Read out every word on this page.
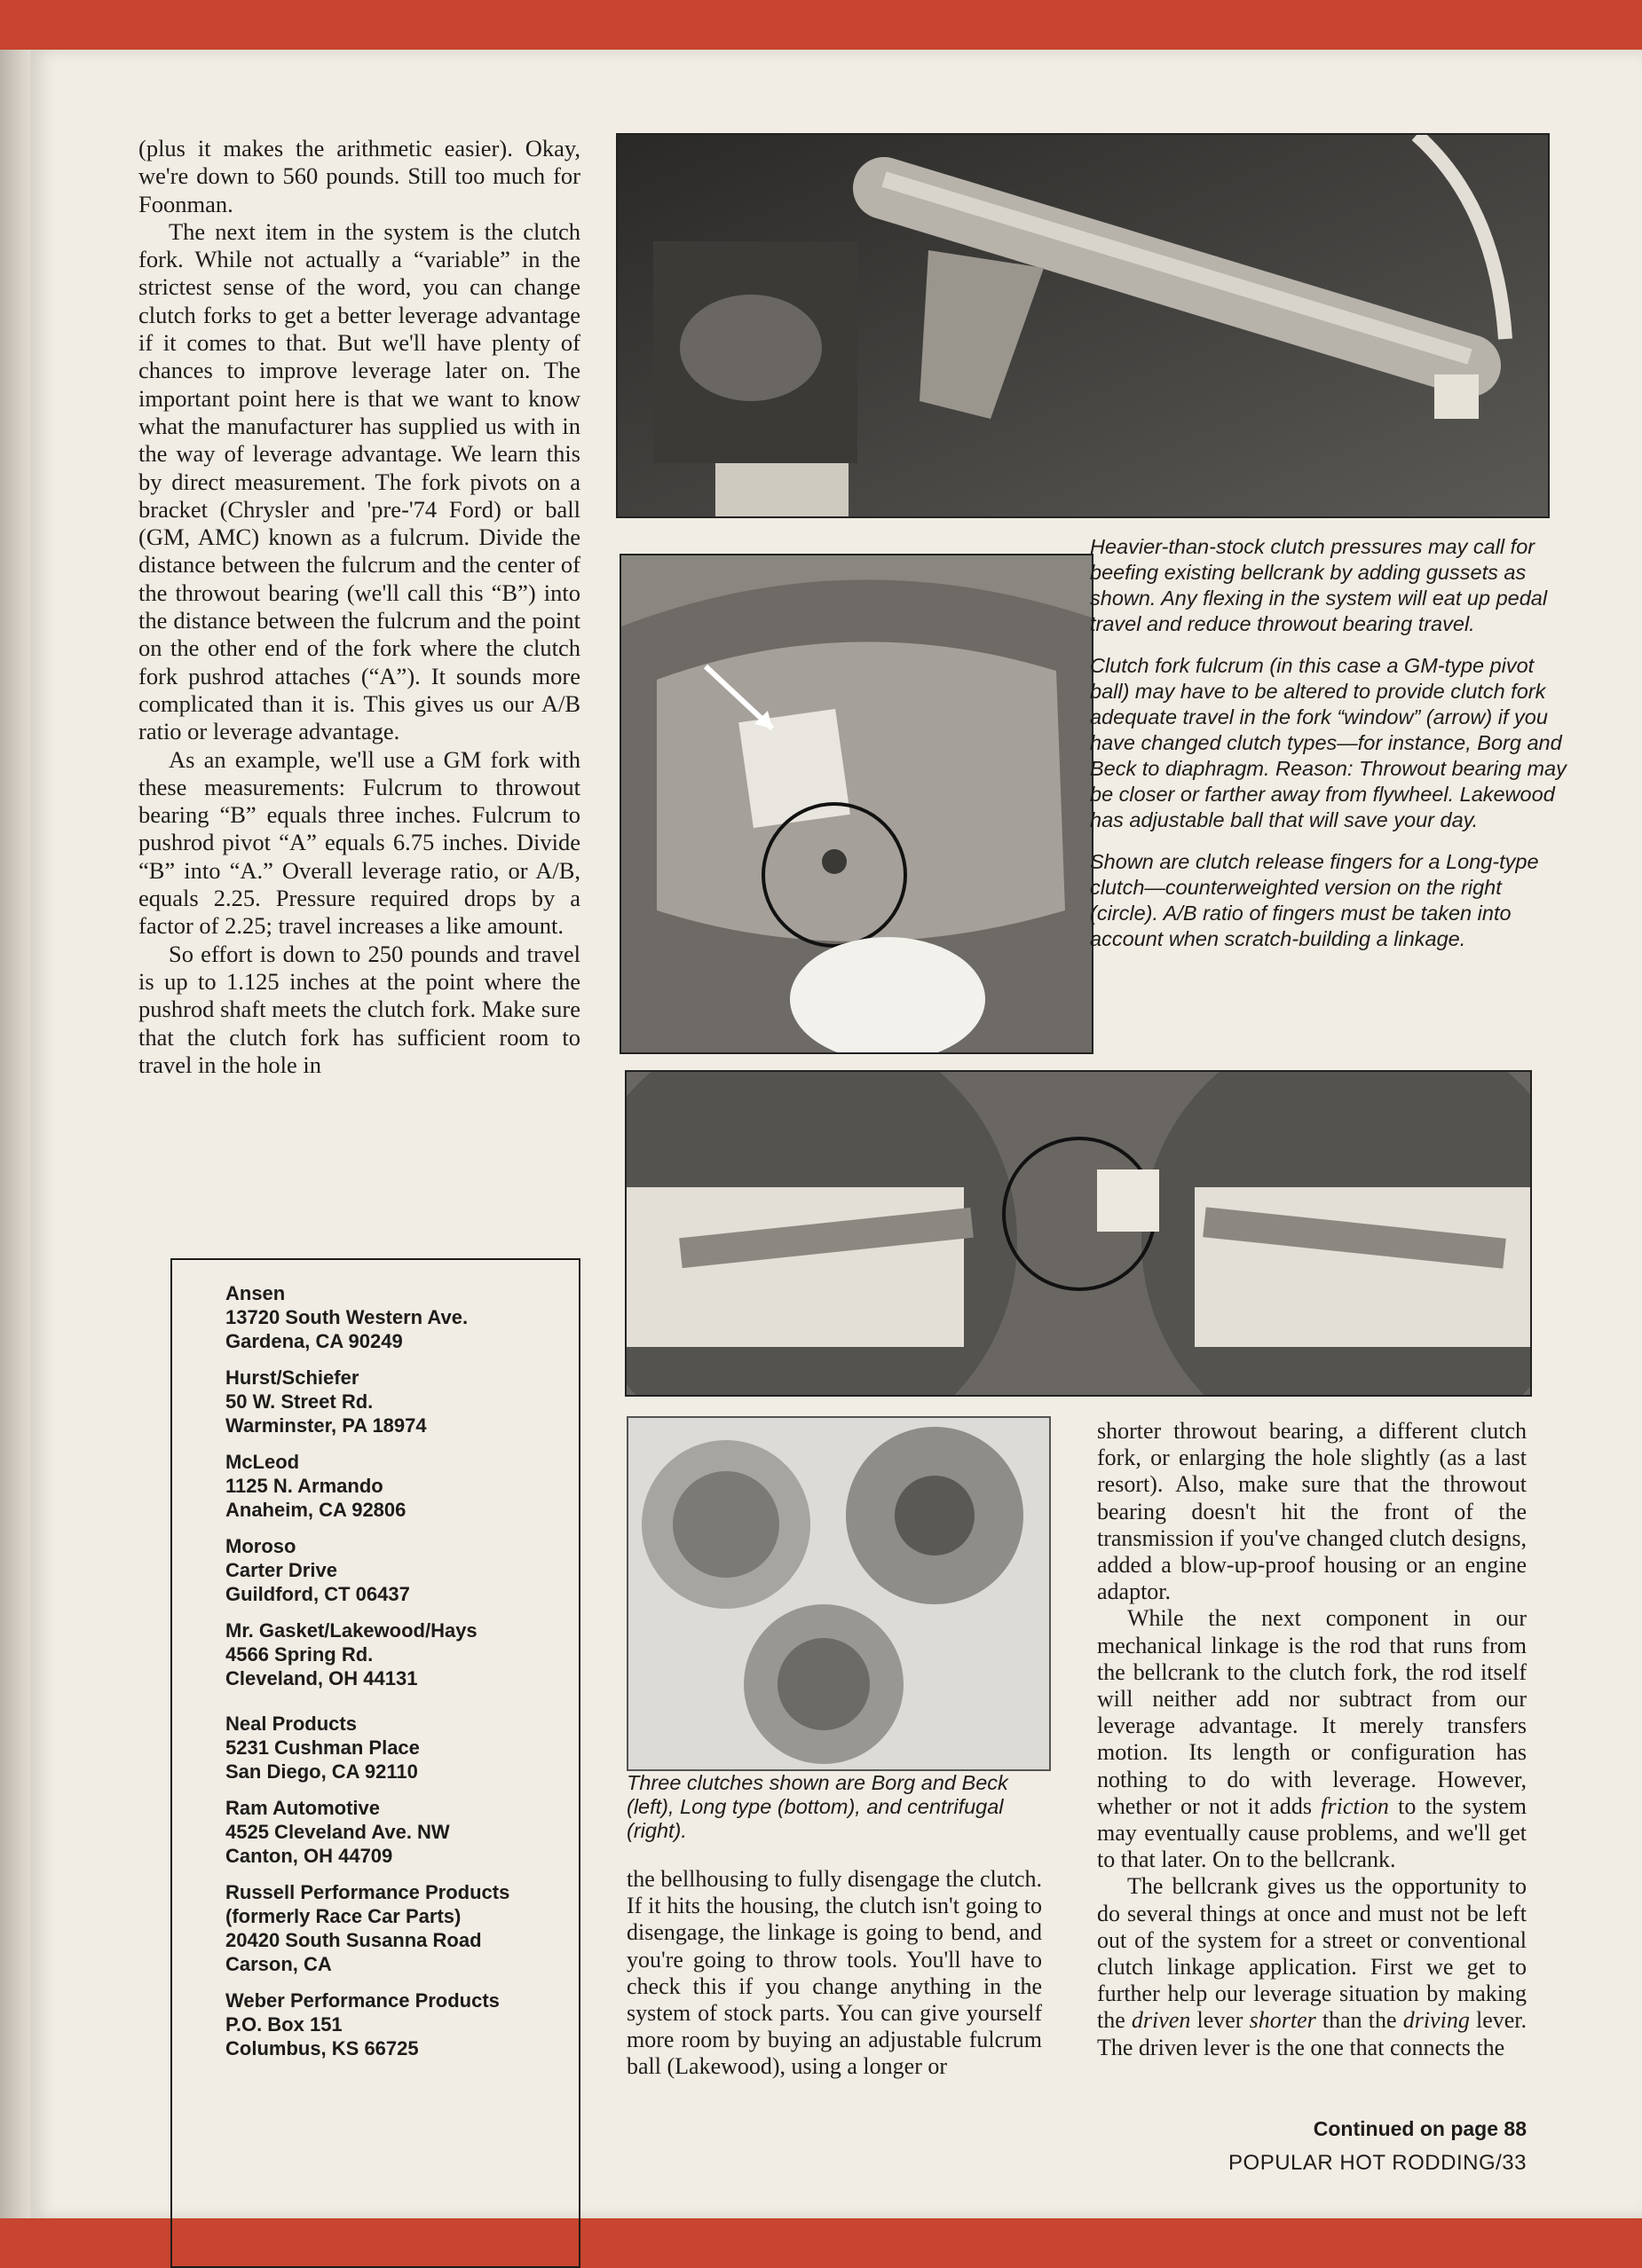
(plus it makes the arithmetic easier). Okay, we're down to 560 pounds. Still too much for Foonman.

The next item in the system is the clutch fork. While not actually a “variable” in the strictest sense of the word, you can change clutch forks to get a better leverage advantage if it comes to that. But we'll have plenty of chances to improve leverage later on. The important point here is that we want to know what the manufacturer has supplied us with in the way of leverage advantage. We learn this by direct measurement. The fork pivots on a bracket (Chrysler and 'pre-'74 Ford) or ball (GM, AMC) known as a fulcrum. Divide the distance between the fulcrum and the center of the throwout bearing (we'll call this “B”) into the distance between the fulcrum and the point on the other end of the fork where the clutch fork pushrod attaches (“A”). It sounds more complicated than it is. This gives us our A/B ratio or leverage advantage.

As an example, we'll use a GM fork with these measurements: Fulcrum to throwout bearing “B” equals three inches. Fulcrum to pushrod pivot “A” equals 6.75 inches. Divide “B” into “A.” Overall leverage ratio, or A/B, equals 2.25. Pressure required drops by a factor of 2.25; travel increases a like amount.

So effort is down to 250 pounds and travel is up to 1.125 inches at the point where the pushrod shaft meets the clutch fork. Make sure that the clutch fork has sufficient room to travel in the hole in

Heavier-than-stock clutch pressures may call for beefing existing bellcrank by adding gussets as shown. Any flexing in the system will eat up pedal travel and reduce throwout bearing travel.

Clutch fork fulcrum (in this case a GM-type pivot ball) may have to be altered to provide clutch fork adequate travel in the fork “window” (arrow) if you have changed clutch types—for instance, Borg and Beck to diaphragm. Reason: Throwout bearing may be closer or farther away from flywheel. Lakewood has adjustable ball that will save your day.

Shown are clutch release fingers for a Long-type clutch—counterweighted version on the right (circle). A/B ratio of fingers must be taken into account when scratch-building a linkage.

Three clutches shown are Borg and Beck (left), Long type (bottom), and centrifugal (right).

Ansen
13720 South Western Ave.
Gardena, CA 90249
Hurst/Schiefer
50 W. Street Rd.
Warminster, PA 18974
McLeod
1125 N. Armando
Anaheim, CA 92806
Moroso
Carter Drive
Guildford, CT 06437
Mr. Gasket/Lakewood/Hays
4566 Spring Rd.
Cleveland, OH 44131
Neal Products
5231 Cushman Place
San Diego, CA 92110
Ram Automotive
4525 Cleveland Ave. NW
Canton, OH 44709
Russell Performance Products
(formerly Race Car Parts)
20420 South Susanna Road
Carson, CA
Weber Performance Products
P.O. Box 151
Columbus, KS 66725

the bellhousing to fully disengage the clutch. If it hits the housing, the clutch isn't going to disengage, the linkage is going to bend, and you're going to throw tools. You'll have to check this if you change anything in the system of stock parts. You can give yourself more room by buying an adjustable fulcrum ball (Lakewood), using a longer or

shorter throwout bearing, a different clutch fork, or enlarging the hole slightly (as a last resort). Also, make sure that the throwout bearing doesn't hit the front of the transmission if you've changed clutch designs, added a blow-up-proof housing or an engine adaptor.

While the next component in our mechanical linkage is the rod that runs from the bellcrank to the clutch fork, the rod itself will neither add nor subtract from our leverage advantage. It merely transfers motion. Its length or configuration has nothing to do with leverage. However, whether or not it adds friction to the system may eventually cause problems, and we'll get to that later. On to the bellcrank.

The bellcrank gives us the opportunity to do several things at once and must not be left out of the system for a street or conventional clutch linkage application. First we get to further help our leverage situation by making the driven lever shorter than the driving lever. The driven lever is the one that connects the

Continued on page 88
POPULAR HOT RODDING/33
